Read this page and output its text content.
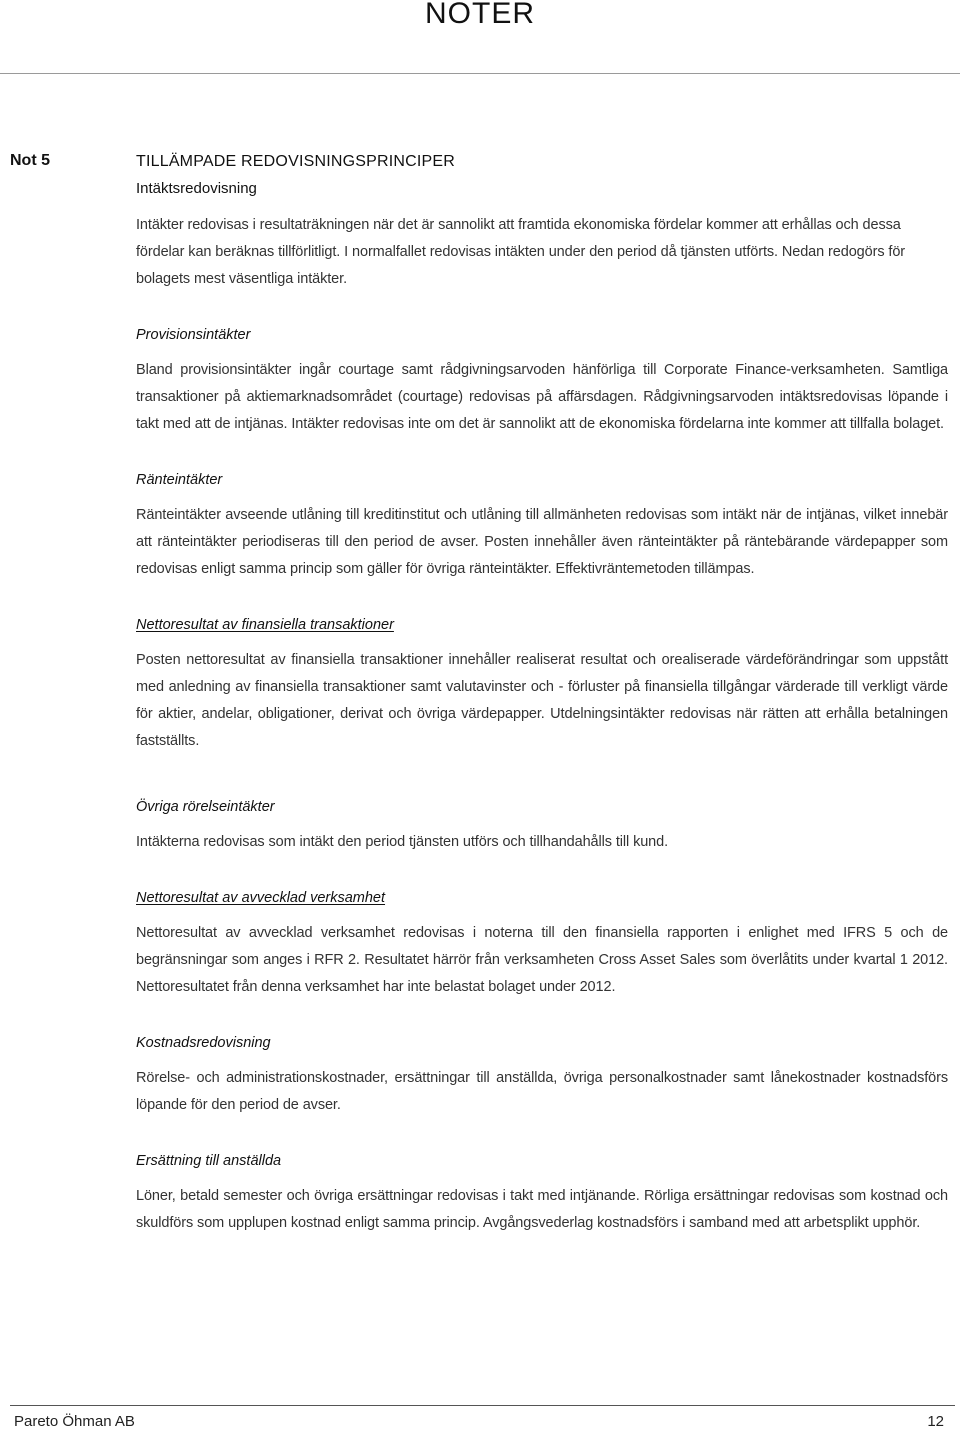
NOTER
Not 5	TILLÄMPADE REDOVISNINGSPRINCIPER
Intäktsredovisning

Intäkter redovisas i resultaträkningen när det är sannolikt att framtida ekonomiska fördelar kommer att erhållas och dessa fördelar kan beräknas tillförlitligt. I normalfallet redovisas intäkten under den period då tjänsten utförts. Nedan redogörs för bolagets mest väsentliga intäkter.

Provisionsintäkter

Bland provisionsintäkter ingår courtage samt rådgivningsarvoden hänförliga till Corporate Finance-verksamheten. Samtliga transaktioner på aktiemarknadsområdet (courtage) redovisas på affärsdagen. Rådgivningsarvoden intäktsredovisas löpande i takt med att de intjänas. Intäkter redovisas inte om det är sannolikt att de ekonomiska fördelarna inte kommer att tillfalla bolaget.

Ränteintäkter

Ränteintäkter avseende utlåning till kreditinstitut och utlåning till allmänheten redovisas som intäkt när de intjänas, vilket innebär att ränteintäkter periodiseras till den period de avser. Posten innehåller även ränteintäkter på räntebärande värdepapper som redovisas enligt samma princip som gäller för övriga ränteintäkter. Effektivräntemetoden tillämpas.

Nettoresultat av finansiella transaktioner

Posten nettoresultat av finansiella transaktioner innehåller realiserat resultat och orealiserade värdeförändringar som uppstått med anledning av finansiella transaktioner samt valutavinster och - förluster på finansiella tillgångar värderade till verkligt värde för aktier, andelar, obligationer, derivat och övriga värdepapper. Utdelningsintäkter redovisas när rätten att erhålla betalningen fastställts.

Övriga rörelseintäkter

Intäkterna redovisas som intäkt den period tjänsten utförs och tillhandahålls till kund.

Nettoresultat av avvecklad verksamhet

Nettoresultat av avvecklad verksamhet redovisas i noterna till den finansiella rapporten i enlighet med IFRS 5 och de begränsningar som anges i RFR 2. Resultatet härrör från verksamheten Cross Asset Sales som överlåtits under kvartal 1 2012. Nettoresultatet från denna verksamhet har inte belastat bolaget under 2012.

Kostnadsredovisning

Rörelse- och administrationskostnader, ersättningar till anställda, övriga personalkostnader samt lånekostnader kostnadsförs löpande för den period de avser.

Ersättning till anställda

Löner, betald semester och övriga ersättningar redovisas i takt med intjänande. Rörliga ersättningar redovisas som kostnad och skuldförs som upplupen kostnad enligt samma princip. Avgångsvederlag kostnadsförs i samband med att arbetsplikt upphör.

Pareto Öhman AB	12
